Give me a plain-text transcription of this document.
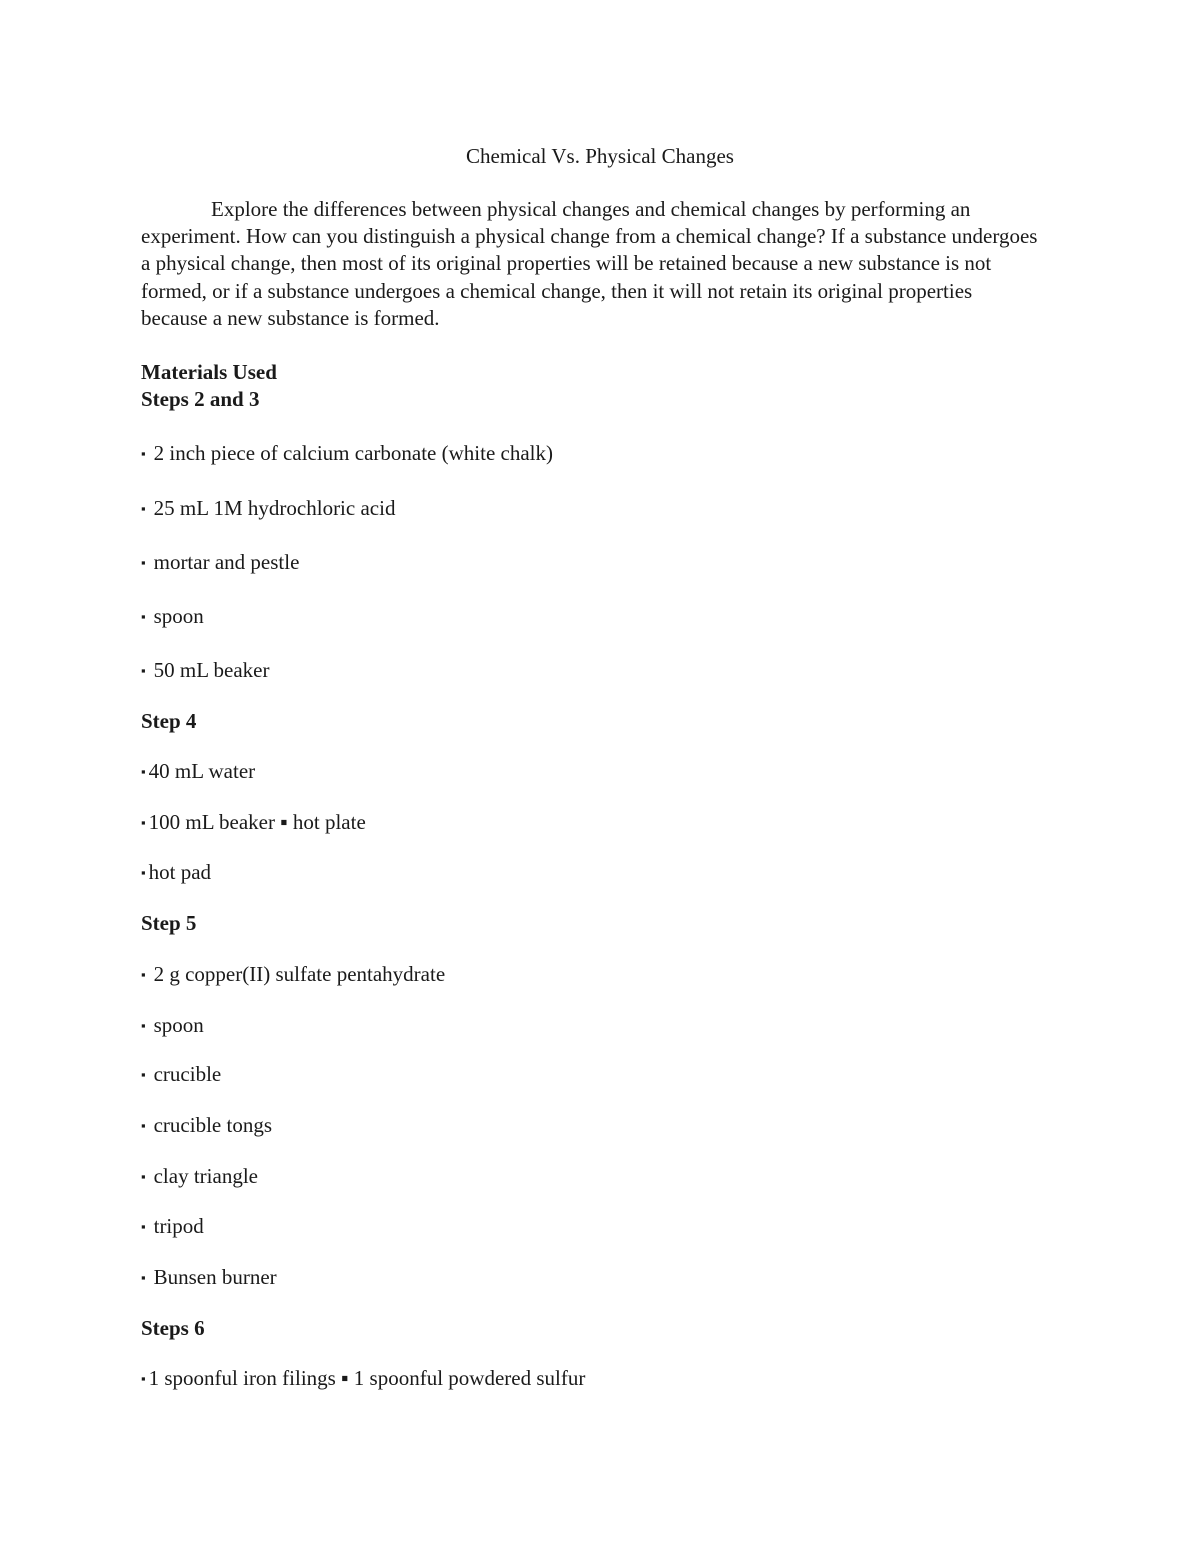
Chemical Vs. Physical Changes

Explore the differences between physical changes and chemical changes by performing an experiment. How can you distinguish a physical change from a chemical change? If a substance undergoes a physical change, then most of its original properties will be retained because a new substance is not formed, or if a substance undergoes a chemical change, then it will not retain its original properties because a new substance is formed.

Materials Used
Steps 2 and 3
▪ 2 inch piece of calcium carbonate (white chalk)
▪ 25 mL 1M hydrochloric acid
▪ mortar and pestle
▪ spoon
▪ 50 mL beaker
Step 4
▪ 40 mL water
▪ 100 mL beaker ▪ hot plate
▪ hot pad
Step 5
▪ 2 g copper(II) sulfate pentahydrate
▪ spoon
▪ crucible
▪ crucible tongs
▪ clay triangle
▪ tripod
▪ Bunsen burner
Steps 6
▪ 1 spoonful iron filings ▪ 1 spoonful powdered sulfur
